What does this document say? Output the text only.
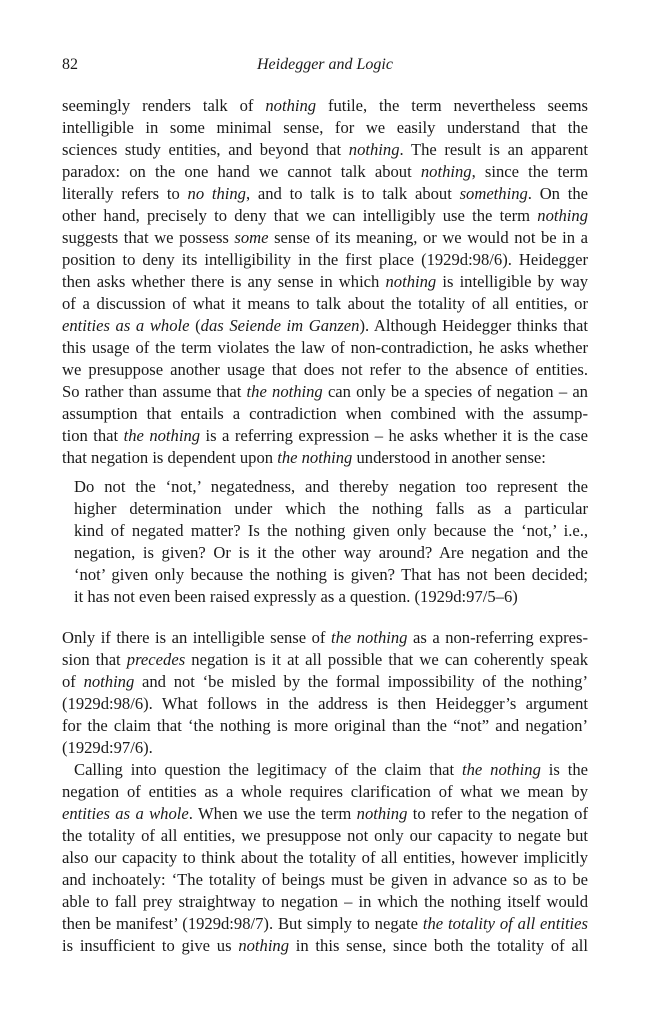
82	Heidegger and Logic
seemingly renders talk of nothing futile, the term nevertheless seems
intelligible in some minimal sense, for we easily understand that the
sciences study entities, and beyond that nothing. The result is an apparent
paradox: on the one hand we cannot talk about nothing, since the term
literally refers to no thing, and to talk is to talk about something. On the
other hand, precisely to deny that we can intelligibly use the term nothing
suggests that we possess some sense of its meaning, or we would not be in a
position to deny its intelligibility in the first place (1929d:98/6). Heidegger
then asks whether there is any sense in which nothing is intelligible by way
of a discussion of what it means to talk about the totality of all entities, or
entities as a whole (das Seiende im Ganzen). Although Heidegger thinks that
this usage of the term violates the law of non-contradiction, he asks whether
we presuppose another usage that does not refer to the absence of entities.
So rather than assume that the nothing can only be a species of negation – an
assumption that entails a contradiction when combined with the assump-
tion that the nothing is a referring expression – he asks whether it is the case
that negation is dependent upon the nothing understood in another sense:
Do not the ‘not,’ negatedness, and thereby negation too represent the
higher determination under which the nothing falls as a particular
kind of negated matter? Is the nothing given only because the ‘not,’ i.e.,
negation, is given? Or is it the other way around? Are negation and the
‘not’ given only because the nothing is given? That has not been decided;
it has not even been raised expressly as a question. (1929d:97/5–6)
Only if there is an intelligible sense of the nothing as a non-referring expres-
sion that precedes negation is it at all possible that we can coherently speak
of nothing and not ‘be misled by the formal impossibility of the nothing’
(1929d:98/6). What follows in the address is then Heidegger’s argument
for the claim that ‘the nothing is more original than the “not” and negation’
(1929d:97/6).
Calling into question the legitimacy of the claim that the nothing is the
negation of entities as a whole requires clarification of what we mean by
entities as a whole. When we use the term nothing to refer to the negation of
the totality of all entities, we presuppose not only our capacity to negate but
also our capacity to think about the totality of all entities, however implicitly
and inchoately: ‘The totality of beings must be given in advance so as to be
able to fall prey straightway to negation – in which the nothing itself would
then be manifest’ (1929d:98/7). But simply to negate the totality of all entities
is insufficient to give us nothing in this sense, since both the totality of all
